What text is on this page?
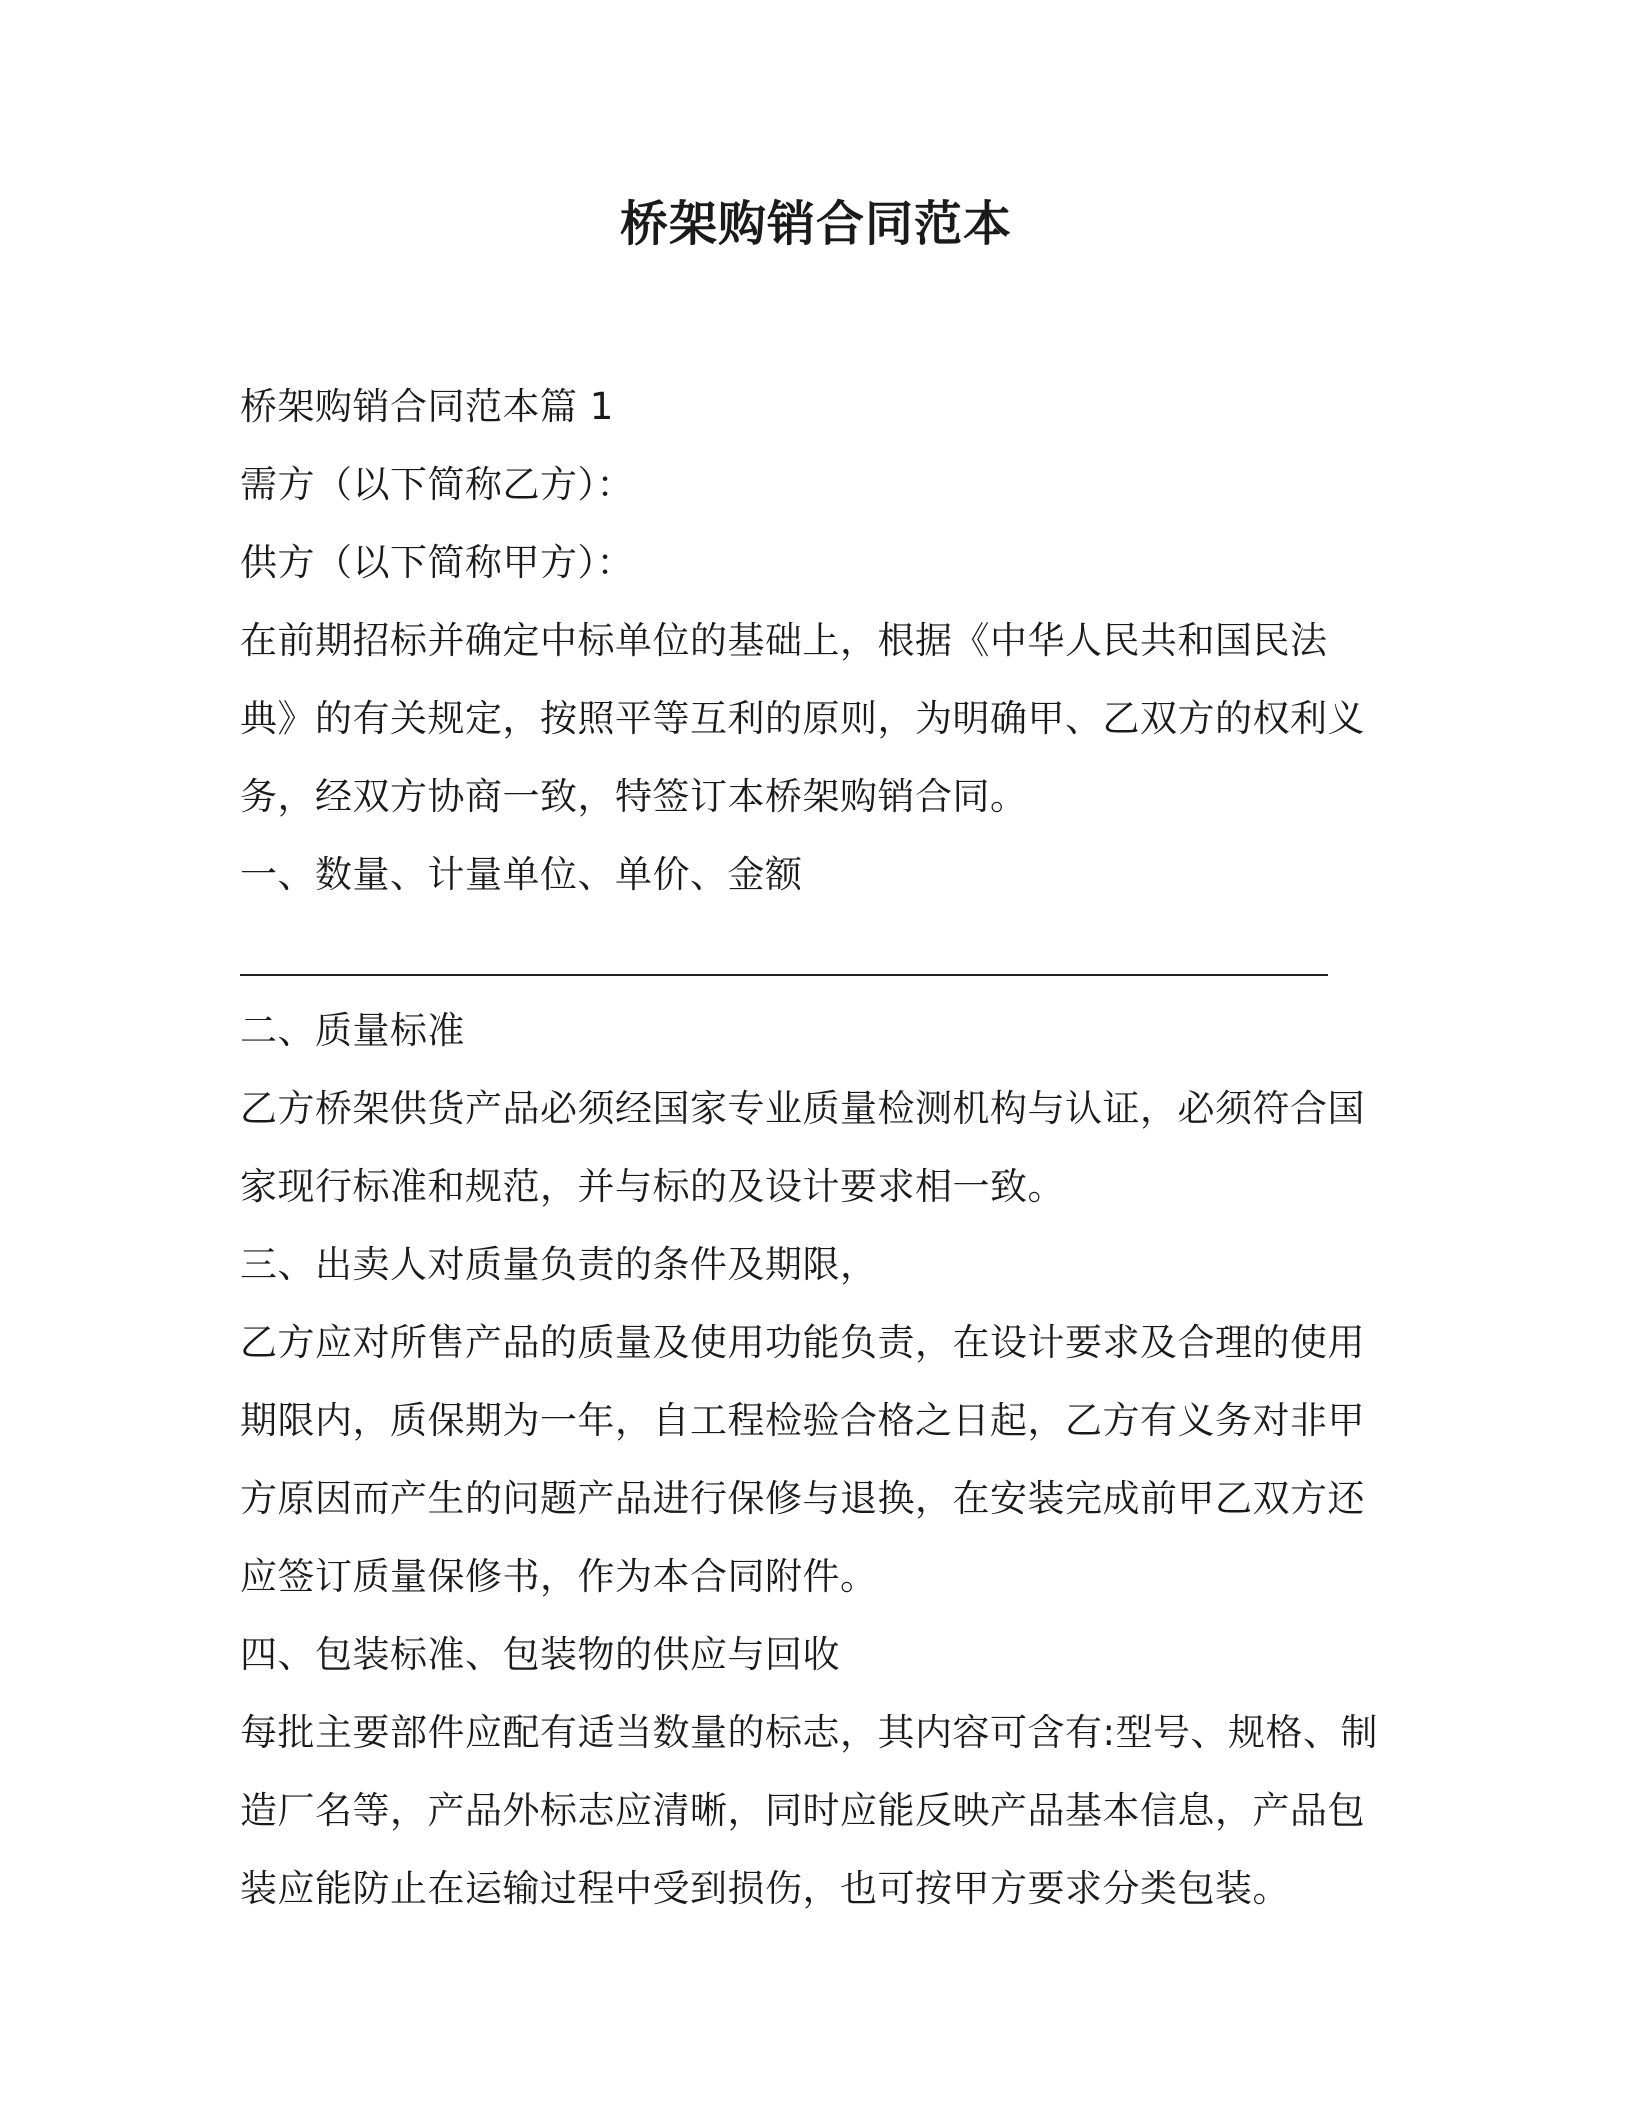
桥架购销合同范本
桥架购销合同范本篇 1
需方（以下简称乙方）：
供方（以下简称甲方）：
在前期招标并确定中标单位的基础上，根据《中华人民共和国民法
典》的有关规定，按照平等互利的原则，为明确甲、乙双方的权利义
务，经双方协商一致，特签订本桥架购销合同。
一、数量、计量单位、单价、金额
二、质量标准
乙方桥架供货产品必须经国家专业质量检测机构与认证，必须符合国
家现行标准和规范，并与标的及设计要求相一致。
三、出卖人对质量负责的条件及期限，
乙方应对所售产品的质量及使用功能负责，在设计要求及合理的使用
期限内，质保期为一年，自工程检验合格之日起，乙方有义务对非甲
方原因而产生的问题产品进行保修与退换，在安装完成前甲乙双方还
应签订质量保修书，作为本合同附件。
四、包装标准、包装物的供应与回收
每批主要部件应配有适当数量的标志，其内容可含有:型号、规格、制
造厂名等，产品外标志应清晰，同时应能反映产品基本信息，产品包
装应能防止在运输过程中受到损伤，也可按甲方要求分类包装。
